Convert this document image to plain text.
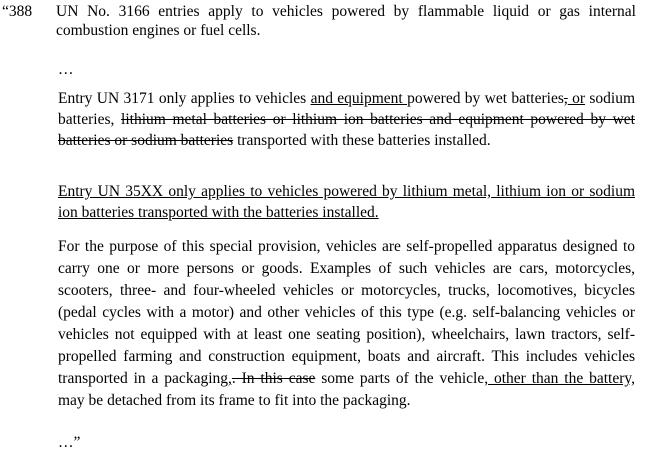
“388 UN No. 3166 entries apply to vehicles powered by flammable liquid or gas internal combustion engines or fuel cells.

…

Entry UN 3171 only applies to vehicles and equipment powered by wet batteries, or sodium batteries, lithium metal batteries or lithium ion batteries and equipment powered by wet batteries or sodium batteries transported with these batteries installed.

Entry UN 35XX only applies to vehicles powered by lithium metal, lithium ion or sodium ion batteries transported with the batteries installed.

For the purpose of this special provision, vehicles are self-propelled apparatus designed to carry one or more persons or goods. Examples of such vehicles are cars, motorcycles, scooters, three- and four-wheeled vehicles or motorcycles, trucks, locomotives, bicycles (pedal cycles with a motor) and other vehicles of this type (e.g. self-balancing vehicles or vehicles not equipped with at least one seating position), wheelchairs, lawn tractors, self-propelled farming and construction equipment, boats and aircraft. This includes vehicles transported in a packaging,. In this case some parts of the vehicle, other than the battery, may be detached from its frame to fit into the packaging.

…”
